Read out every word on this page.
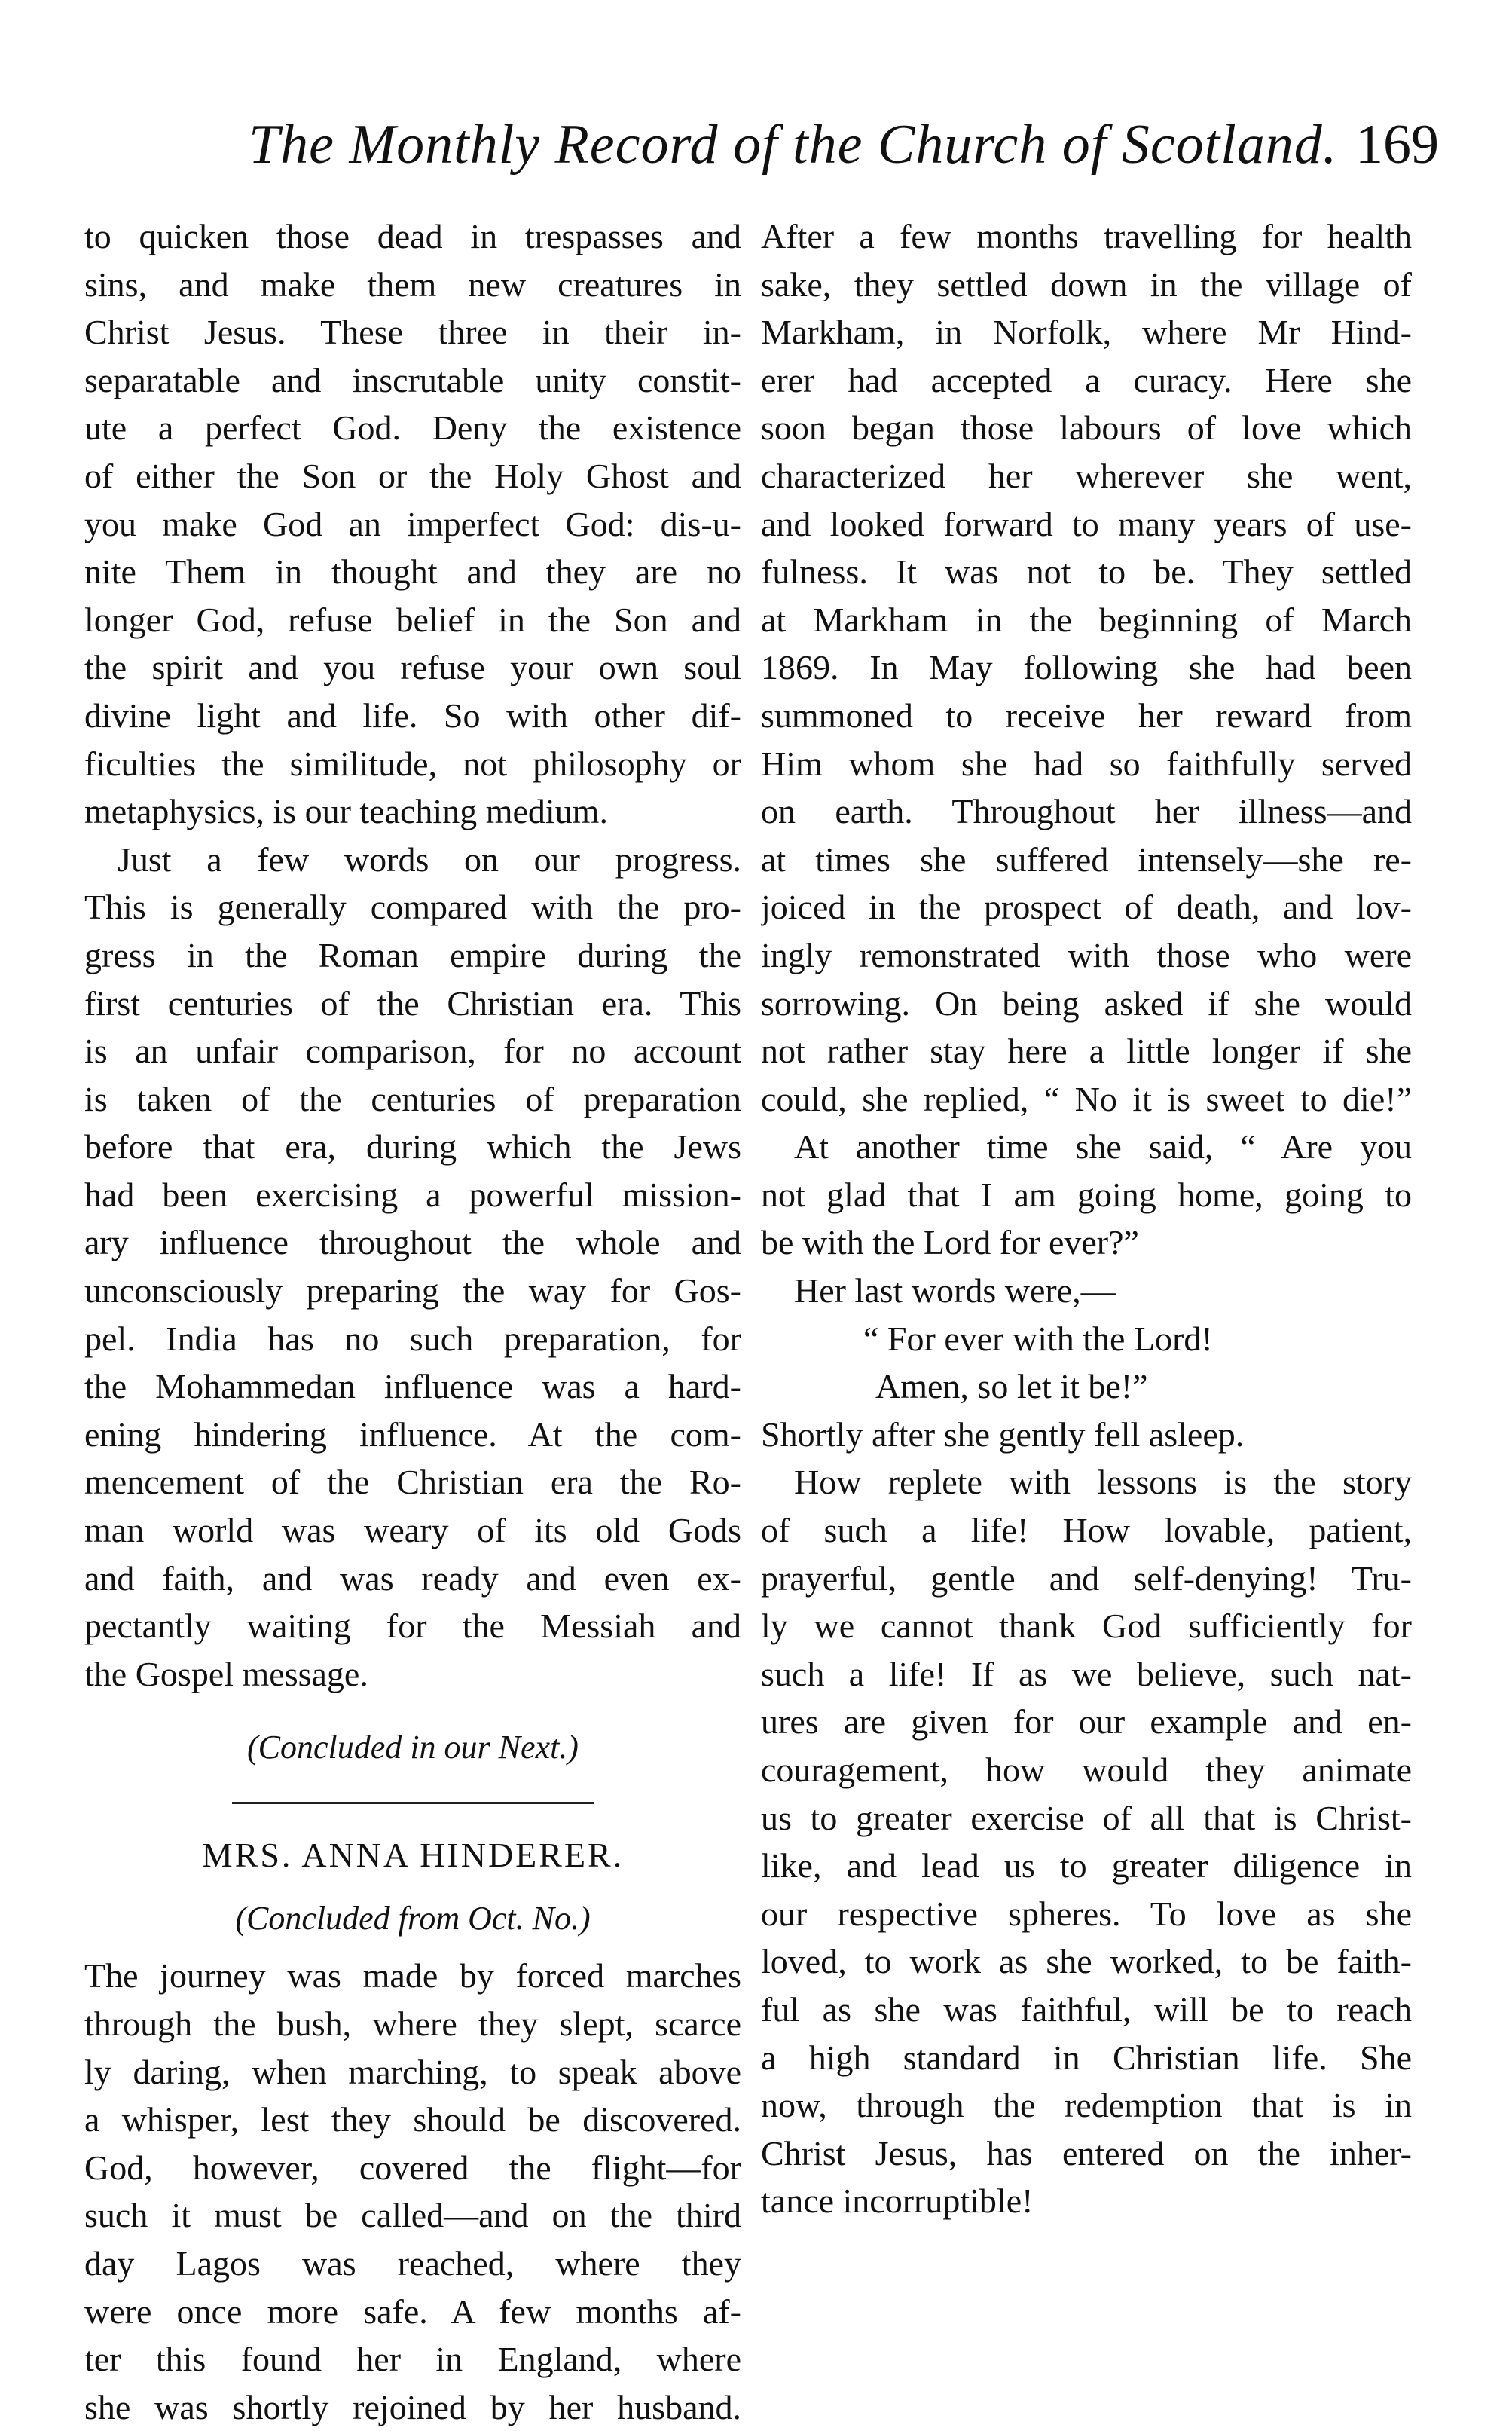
The Monthly Record of the Church of Scotland. 169
to quicken those dead in trespasses and
sins, and make them new creatures in
Christ Jesus. These three in their in-
separatable and inscrutable unity constit-
ute a perfect God. Deny the existence
of either the Son or the Holy Ghost and
you make God an imperfect God: dis-u-
nite Them in thought and they are no
longer God, refuse belief in the Son and
the spirit and you refuse your own soul
divine light and life. So with other dif-
ficulties the similitude, not philosophy or
metaphysics, is our teaching medium.
Just a few words on our progress.
This is generally compared with the pro-
gress in the Roman empire during the
first centuries of the Christian era. This
is an unfair comparison, for no account
is taken of the centuries of preparation
before that era, during which the Jews
had been exercising a powerful mission-
ary influence throughout the whole and
unconsciously preparing the way for Gos-
pel. India has no such preparation, for
the Mohammedan influence was a hard-
ening hindering influence. At the com-
mencement of the Christian era the Ro-
man world was weary of its old Gods
and faith, and was ready and even ex-
pectantly waiting for the Messiah and
the Gospel message.
(Concluded in our Next.)
MRS. ANNA HINDERER.
(Concluded from Oct. No.)
The journey was made by forced marches
through the bush, where they slept, scarce
ly daring, when marching, to speak above
a whisper, lest they should be discovered.
God, however, covered the flight—for
such it must be called—and on the third
day Lagos was reached, where they
were once more safe. A few months af-
ter this found her in England, where
she was shortly rejoined by her husband.
After a few months travelling for health
sake, they settled down in the village of
Markham, in Norfolk, where Mr Hind-
erer had accepted a curacy. Here she
soon began those labours of love which
characterized her wherever she went,
and looked forward to many years of use-
fulness. It was not to be. They settled
at Markham in the beginning of March
1869. In May following she had been
summoned to receive her reward from
Him whom she had so faithfully served
on earth. Throughout her illness—and
at times she suffered intensely—she re-
joiced in the prospect of death, and lov-
ingly remonstrated with those who were
sorrowing. On being asked if she would
not rather stay here a little longer if she
could, she replied, “ No it is sweet to die!”
At another time she said, “ Are you
not glad that I am going home, going to
be with the Lord for ever?”
Her last words were,—
“ For ever with the Lord!
Amen, so let it be!”
Shortly after she gently fell asleep.
How replete with lessons is the story
of such a life! How lovable, patient,
prayerful, gentle and self-denying! Tru-
ly we cannot thank God sufficiently for
such a life! If as we believe, such nat-
ures are given for our example and en-
couragement, how would they animate
us to greater exercise of all that is Christ-
like, and lead us to greater diligence in
our respective spheres. To love as she
loved, to work as she worked, to be faith-
ful as she was faithful, will be to reach
a high standard in Christian life. She
now, through the redemption that is in
Christ Jesus, has entered on the inher-
tance incorruptible!
